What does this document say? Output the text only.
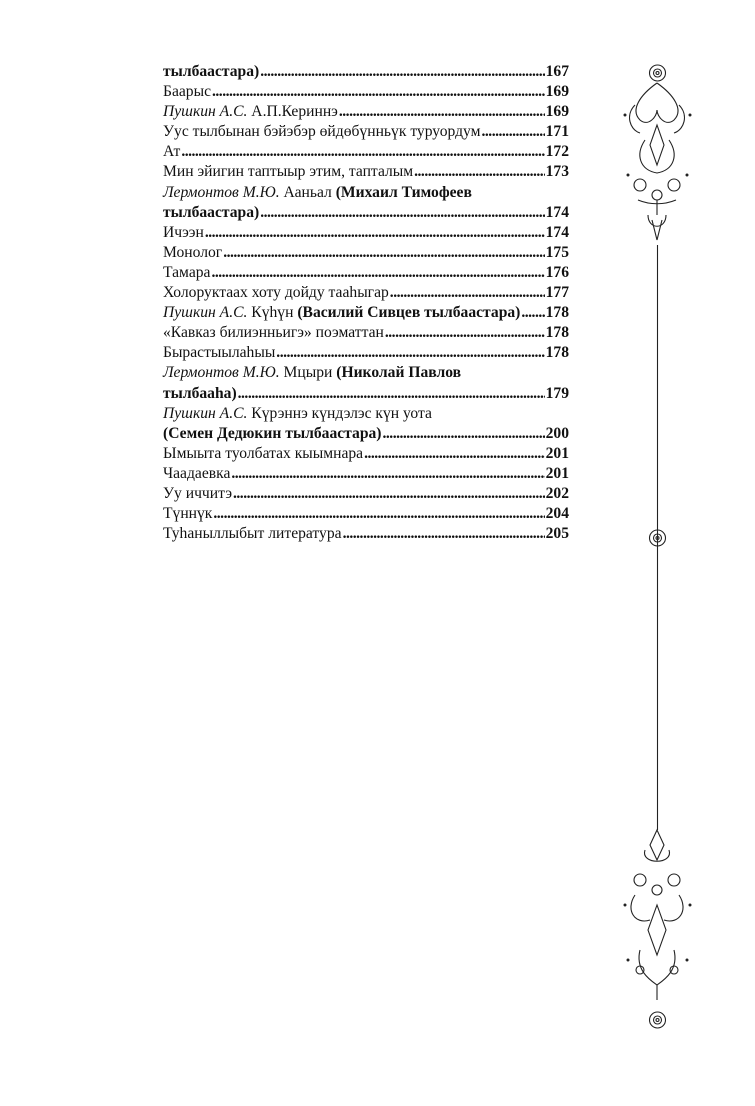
тылбаастара) . . .	167
Баарыс . . .	169
Пушкин А.С. А.П.Кериннэ . . .	169
Уус тылбынан бэйэбэр өйдөбүнньүк туруордум . . .	171
Ат . . .	172
Мин эйигин таптыыр этим, тапталым . . .	173
Лермонтов М.Ю. Ааньал (Михаил Тимофеев
тылбаастара) . . .	174
Ичээн . . .	174
Монолог . . .	175
Тамара . . .	176
Холоруктаах хоту дойду тааһыгар . . .	177
Пушкин А.С. Күһүн (Василий Сивцев тылбаастара) . . . 178
«Кавказ билиэнньигэ» поэматтан . . .	178
Бырастыылаһыы . . .	178
Лермонтов М.Ю. Мцыри (Николай Павлов
тылбааһа) . . .	179
Пушкин А.С. Күрэннэ күндэлэс күн уота
(Семен Дедюкин тылбаастара) . . .	200
Ымыыта туолбатах кыымнара . . .	201
Чаадаевка . . .	201
Уу иччитэ . . .	202
Түннүк . . .	204
Туһаныллыбыт литература . . .	205
